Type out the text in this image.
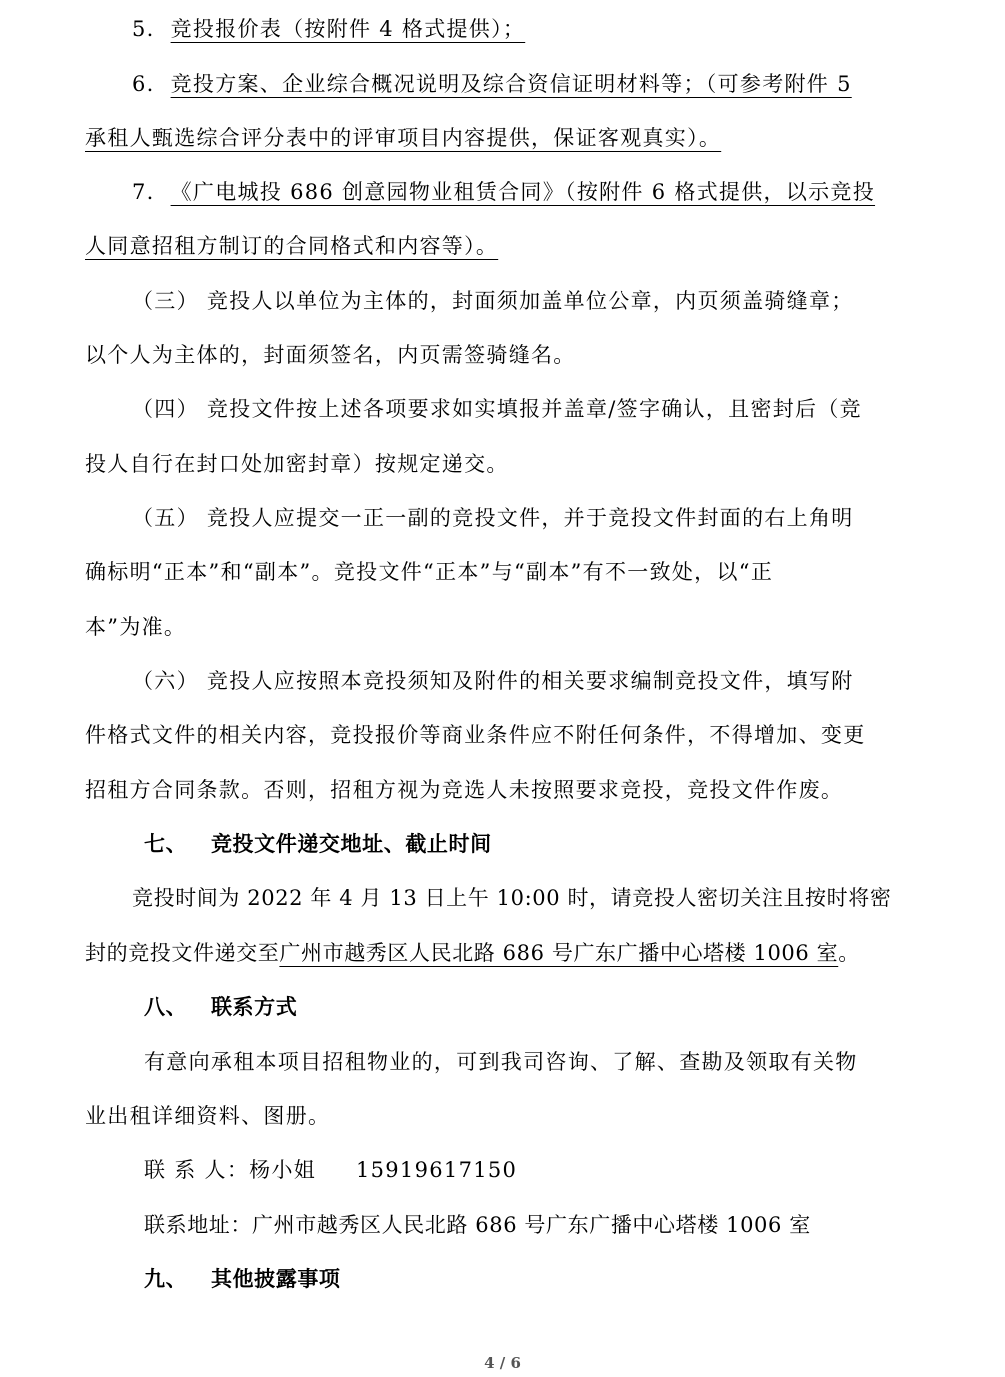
5. 竞投报价表（按附件 4 格式提供）；
6. 竞投方案、企业综合概况说明及综合资信证明材料等；（可参考附件 5
承租人甄选综合评分表中的评审项目内容提供，保证客观真实）。
7. 《广电城投 686 创意园物业租赁合同》（按附件 6 格式提供，以示竞投
人同意招租方制订的合同格式和内容等）。
（三） 竞投人以单位为主体的，封面须加盖单位公章，内页须盖骑缝章；
以个人为主体的，封面须签名，内页需签骑缝名。
（四） 竞投文件按上述各项要求如实填报并盖章/签字确认，且密封后（竞
投人自行在封口处加密封章）按规定递交。
（五） 竞投人应提交一正一副的竞投文件，并于竞投文件封面的右上角明
确标明“正本”和“副本”。竞投文件“正本”与“副本”有不一致处，以“正
本”为准。
（六） 竞投人应按照本竞投须知及附件的相关要求编制竞投文件，填写附
件格式文件的相关内容，竞投报价等商业条件应不附任何条件，不得增加、变更
招租方合同条款。否则，招租方视为竞选人未按照要求竞投，竞投文件作废。
七、 竞投文件递交地址、截止时间
竞投时间为 2022 年 4 月 13 日上午 10:00 时，请竞投人密切关注且按时将密
封的竞投文件递交至广州市越秀区人民北路 686 号广东广播中心塔楼 1006 室。
八、 联系方式
有意向承租本项目招租物业的，可到我司咨询、了解、查勘及领取有关物
业出租详细资料、图册。
联 系 人：杨小姐 15919617150
联系地址：广州市越秀区人民北路 686 号广东广播中心塔楼 1006 室
九、 其他披露事项
4 / 6
